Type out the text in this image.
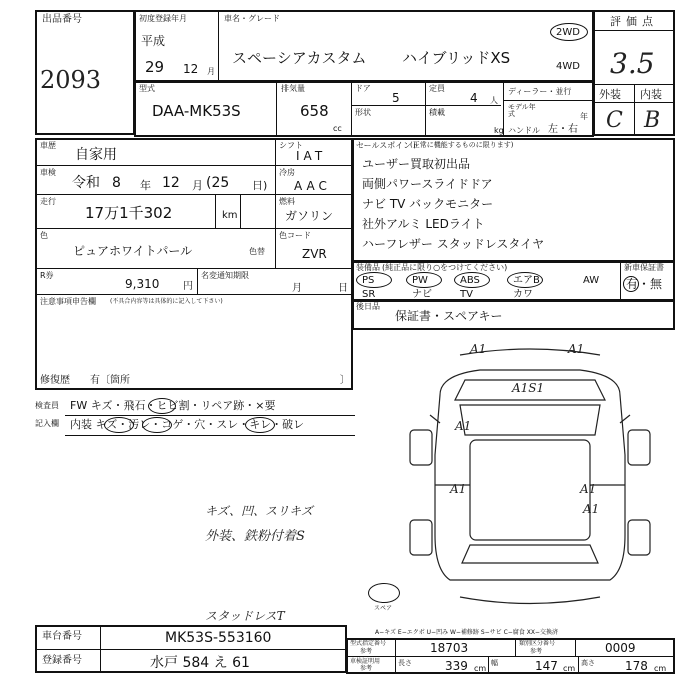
出品番号
2093
初度登録年月
平成
29 12 月
車名・グレード
スペーシアカスタム ハイブリッドXS
2WD
4WD
評価点
3.5
外装 内装
C B
型式
DAA-MK53S
排気量
658
cc
ドア
5
定員
4 人
形状	積載
kg
ディーラー・並行
モデル年式	年
ハンドル 左・右
車歴
自家用
車検
令和 8 年 12 月 (25 日)
走行
17万1千302	km
シフト
IAT
冷房
AAC
燃料
ガソリン
色
ピュアホワイトパール	色替
色コード
ZVR
R券
9,310 円
名変通知期限
月	日
注意事項申告欄 (不具合内容等は具体的に記入して下さい)
修復歴 有〔箇所	〕
セールスポイント
(正常に機能するものに限ります)
ユーザー買取初出品
両側パワースライドドア
ナビ TV バックモニター
社外アルミ LEDライト
ハーフレザー スタッドレスタイヤ
装備品 (純正品に限り○をつけてください)
PS	PW	ABS	エアB	AW
SR	ナビ	TV	カワ
新車保証書
有・無
後日品
保証書・スペアキー
検査員
記入欄
FW キズ・飛石・ヒビ割・リペア跡・×要
内装 キズ・汚レ・コゲ・穴・スレ・キレ・破レ
キズ、凹、スリキズ
外装、鉄粉付着S
スタッドレスT
スペア
A−キズ E−エクボ U−凹み W−補修跡 S−サビ C−腐食 XX−交換済
A1	A1
A1S1
A1
A1	A1
A1
車台番号	MK53S-553160
登録番号	水戸 584 え 61
型式指定番号
参考	18703	類別区分番号
参考	0009
車検証明用
参考
長さ	339 cm
幅	147 cm
高さ	178 cm
